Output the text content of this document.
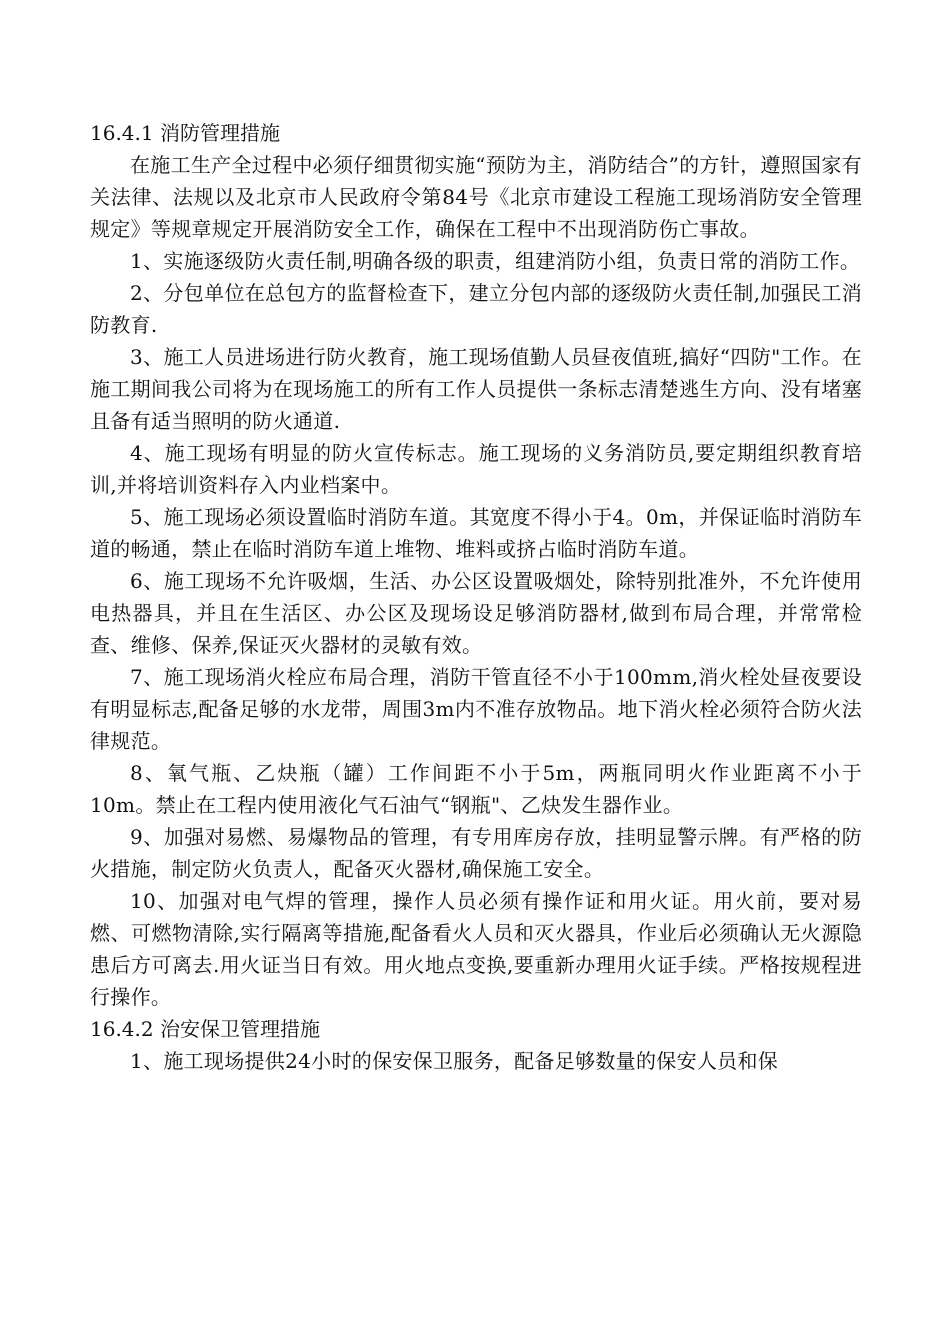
16.4.1 消防管理措施

在施工生产全过程中必须仔细贯彻实施“预防为主，消防结合”的方针，遵照国家有关法律、法规以及北京市人民政府令第84号《北京市建设工程施工现场消防安全管理规定》等规章规定开展消防安全工作，确保在工程中不出现消防伤亡事故。

1、实施逐级防火责任制,明确各级的职责，组建消防小组，负责日常的消防工作。

2、分包单位在总包方的监督检查下，建立分包内部的逐级防火责任制,加强民工消防教育.

3、施工人员进场进行防火教育，施工现场值勤人员昼夜值班,搞好“四防"工作。在施工期间我公司将为在现场施工的所有工作人员提供一条标志清楚逃生方向、没有堵塞且备有适当照明的防火通道.

4、施工现场有明显的防火宣传标志。施工现场的义务消防员,要定期组织教育培训,并将培训资料存入内业档案中。

5、施工现场必须设置临时消防车道。其宽度不得小于4。0m，并保证临时消防车道的畅通，禁止在临时消防车道上堆物、堆料或挤占临时消防车道。

6、施工现场不允许吸烟，生活、办公区设置吸烟处，除特别批准外，不允许使用电热器具，并且在生活区、办公区及现场设足够消防器材,做到布局合理，并常常检查、维修、保养,保证灭火器材的灵敏有效。

7、施工现场消火栓应布局合理，消防干管直径不小于100mm,消火栓处昼夜要设有明显标志,配备足够的水龙带，周围3m内不准存放物品。地下消火栓必须符合防火法律规范。

8、氧气瓶、乙炔瓶（罐）工作间距不小于5m，两瓶同明火作业距离不小于10m。禁止在工程内使用液化气石油气“钢瓶"、乙炔发生器作业。

9、加强对易燃、易爆物品的管理，有专用库房存放，挂明显警示牌。有严格的防火措施，制定防火负责人，配备灭火器材,确保施工安全。

10、加强对电气焊的管理，操作人员必须有操作证和用火证。用火前，要对易燃、可燃物清除,实行隔离等措施,配备看火人员和灭火器具，作业后必须确认无火源隐患后方可离去.用火证当日有效。用火地点变换,要重新办理用火证手续。严格按规程进行操作。

16.4.2 治安保卫管理措施

1、施工现场提供24小时的保安保卫服务，配备足够数量的保安人员和保
